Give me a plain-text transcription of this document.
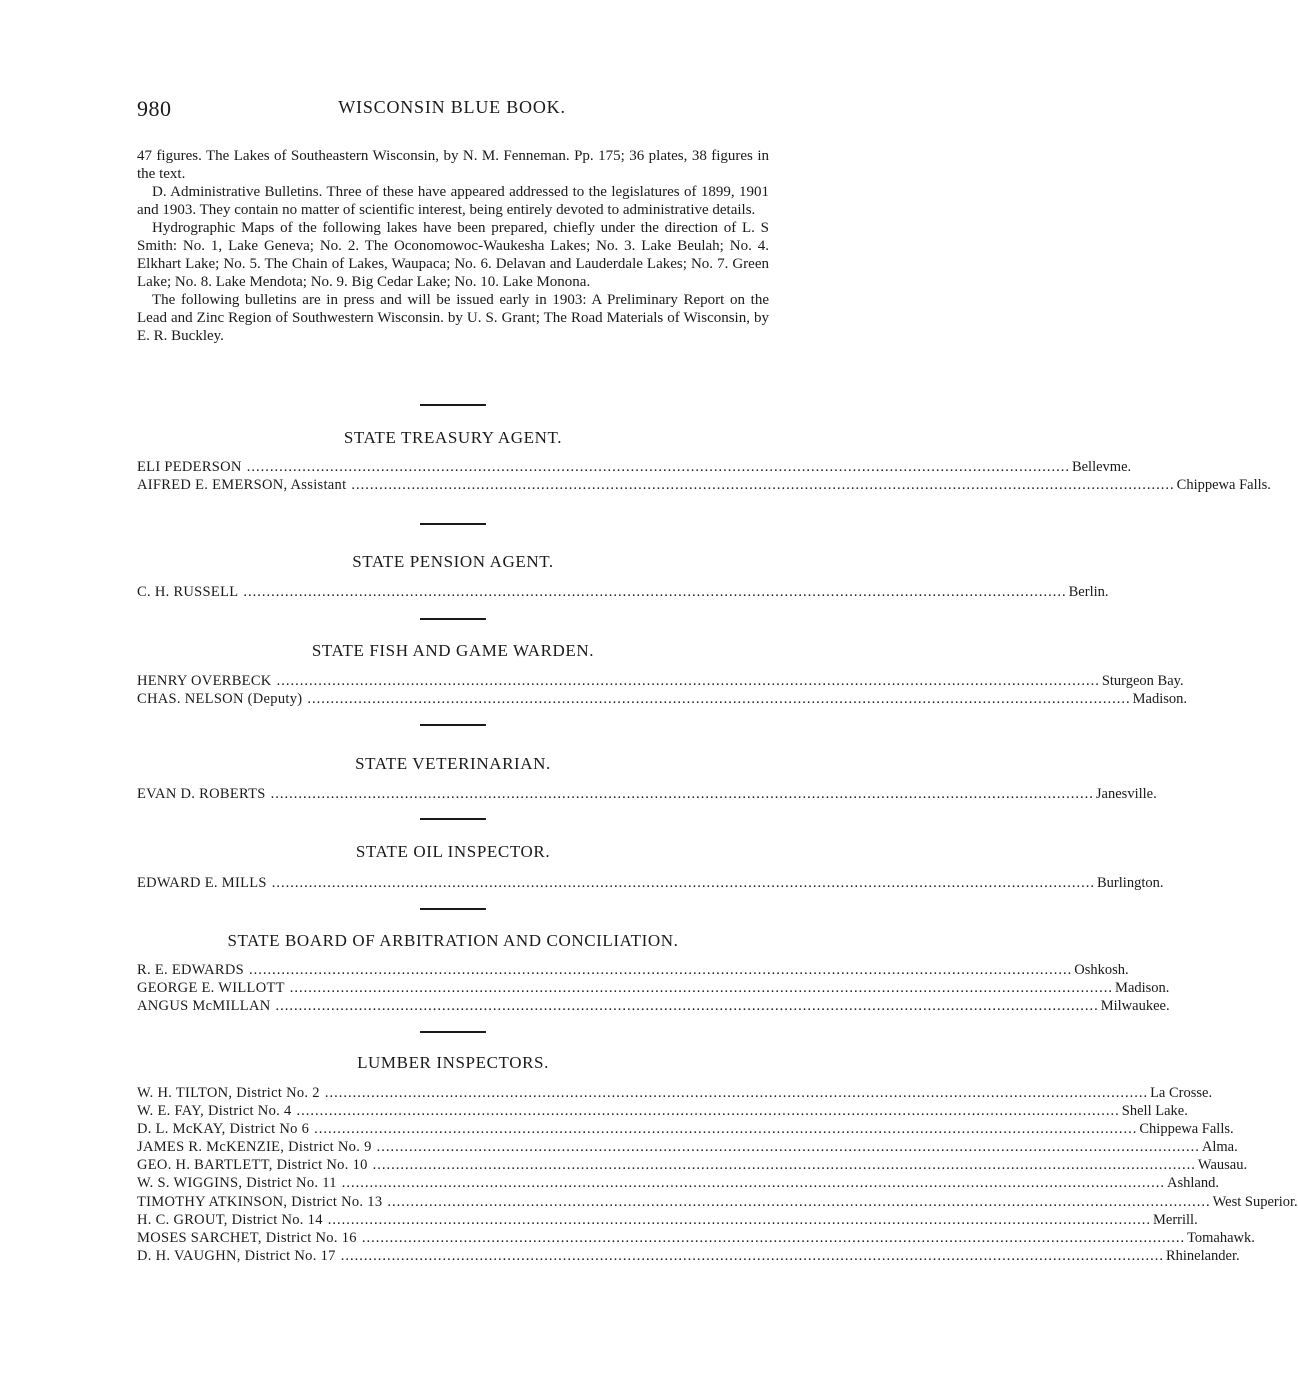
980	WISCONSIN BLUE BOOK.

47 figures. The Lakes of Southeastern Wisconsin, by N. M. Fenneman. Pp. 175; 36 plates, 38 figures in the text.

D. Administrative Bulletins. Three of these have appeared addressed to the legislatures of 1899, 1901 and 1903. They contain no matter of scientific interest, being entirely devoted to administrative details.

Hydrographic Maps of the following lakes have been prepared, chiefly under the direction of L. S Smith: No. 1, Lake Geneva; No. 2. The Oconomowoc-Waukesha Lakes; No. 3. Lake Beulah; No. 4. Elkhart Lake; No. 5. The Chain of Lakes, Waupaca; No. 6. Delavan and Lauderdale Lakes; No. 7. Green Lake; No. 8. Lake Mendota; No. 9. Big Cedar Lake; No. 10. Lake Monona.

The following bulletins are in press and will be issued early in 1903: A Preliminary Report on the Lead and Zinc Region of Southwestern Wisconsin. by U. S. Grant; The Road Materials of Wisconsin, by E. R. Buckley.

STATE TREASURY AGENT.
ELI PEDERSON .................................................................................................................................................................................. Bellevme.
AIFRED E. EMERSON, Assistant .................................................................................................................................................................................. Chippewa Falls.
STATE PENSION AGENT.
C. H. RUSSELL .................................................................................................................................................................................. Berlin.
STATE FISH AND GAME WARDEN.
HENRY OVERBECK .................................................................................................................................................................................. Sturgeon Bay.
CHAS. NELSON (Deputy) .................................................................................................................................................................................. Madison.
STATE VETERINARIAN.
EVAN D. ROBERTS .................................................................................................................................................................................. Janesville.
STATE OIL INSPECTOR.
EDWARD E. MILLS .................................................................................................................................................................................. Burlington.
STATE BOARD OF ARBITRATION AND CONCILIATION.
R. E. EDWARDS .................................................................................................................................................................................. Oshkosh.
GEORGE E. WILLOTT .................................................................................................................................................................................. Madison.
ANGUS McMILLAN .................................................................................................................................................................................. Milwaukee.
LUMBER INSPECTORS.
W. H. TILTON, District No. 2 .................................................................................................................................................................................. La Crosse.
W. E. FAY, District No. 4 .................................................................................................................................................................................. Shell Lake.
D. L. McKAY, District No 6 .................................................................................................................................................................................. Chippewa Falls.
JAMES R. McKENZIE, District No. 9 .................................................................................................................................................................................. Alma.
GEO. H. BARTLETT, District No. 10 .................................................................................................................................................................................. Wausau.
W. S. WIGGINS, District No. 11 .................................................................................................................................................................................. Ashland.
TIMOTHY ATKINSON, District No. 13 .................................................................................................................................................................................. West Superior.
H. C. GROUT, District No. 14 .................................................................................................................................................................................. Merrill.
MOSES SARCHET, District No. 16 .................................................................................................................................................................................. Tomahawk.
D. H. VAUGHN, District No. 17 .................................................................................................................................................................................. Rhinelander.
